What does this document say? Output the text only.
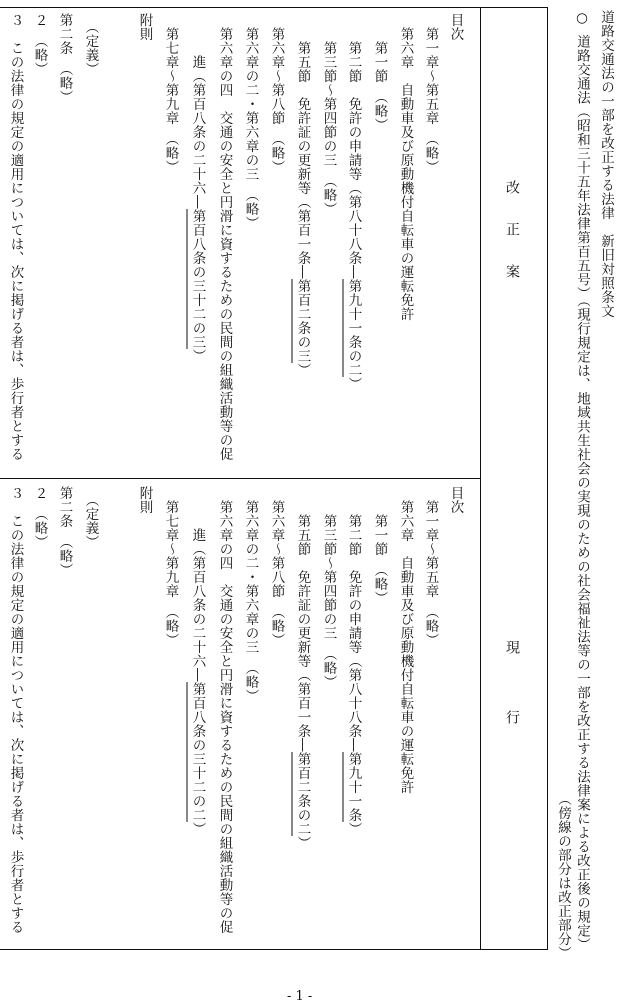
道路交通法の一部を改正する法律　新旧対照条文
○道路交通法（昭和三十五年法律第百五号）（現行規定は、地域共生社会の実現のための社会福祉法等の一部を改正する法律案による改正後の規定）
（傍線の部分は改正部分）
改　　正　　案
現　　　　行
目次
　第一章～第五章　（略）
　第六章　自動車及び原動機付自転車の運転免許
　　第一節　（略）
　　第二節　免許の申請等（第八十八条―第九十一条の二）
　　第三節～第四節の三　（略）
　　第五節　免許証の更新等（第百一条―第百二条の三）
　第六章～第八節　（略）
　第六章の二・第六章の三　（略）
　第六章の四　交通の安全と円滑に資するための民間の組織活動等の促
　　　進（第百八条の二十六―第百八条の三十二の三）
　第七章～第九章　（略）
附則
　（定義）
第二条　（略）
２　（略）
３　この法律の規定の適用については、次に掲げる者は、歩行者とする
目次
　第一章～第五章　（略）
　第六章　自動車及び原動機付自転車の運転免許
　　第一節　（略）
　　第二節　免許の申請等（第八十八条―第九十一条）
　　第三節～第四節の三　（略）
　　第五節　免許証の更新等（第百一条―第百二条の二）
　第六章～第八節　（略）
　第六章の二・第六章の三　（略）
　第六章の四　交通の安全と円滑に資するための民間の組織活動等の促
　　　進（第百八条の二十六―第百八条の三十二の二）
　第七章～第九章　（略）
附則
　（定義）
第二条　（略）
２　（略）
３　この法律の規定の適用については、次に掲げる者は、歩行者とする
- 1 -
